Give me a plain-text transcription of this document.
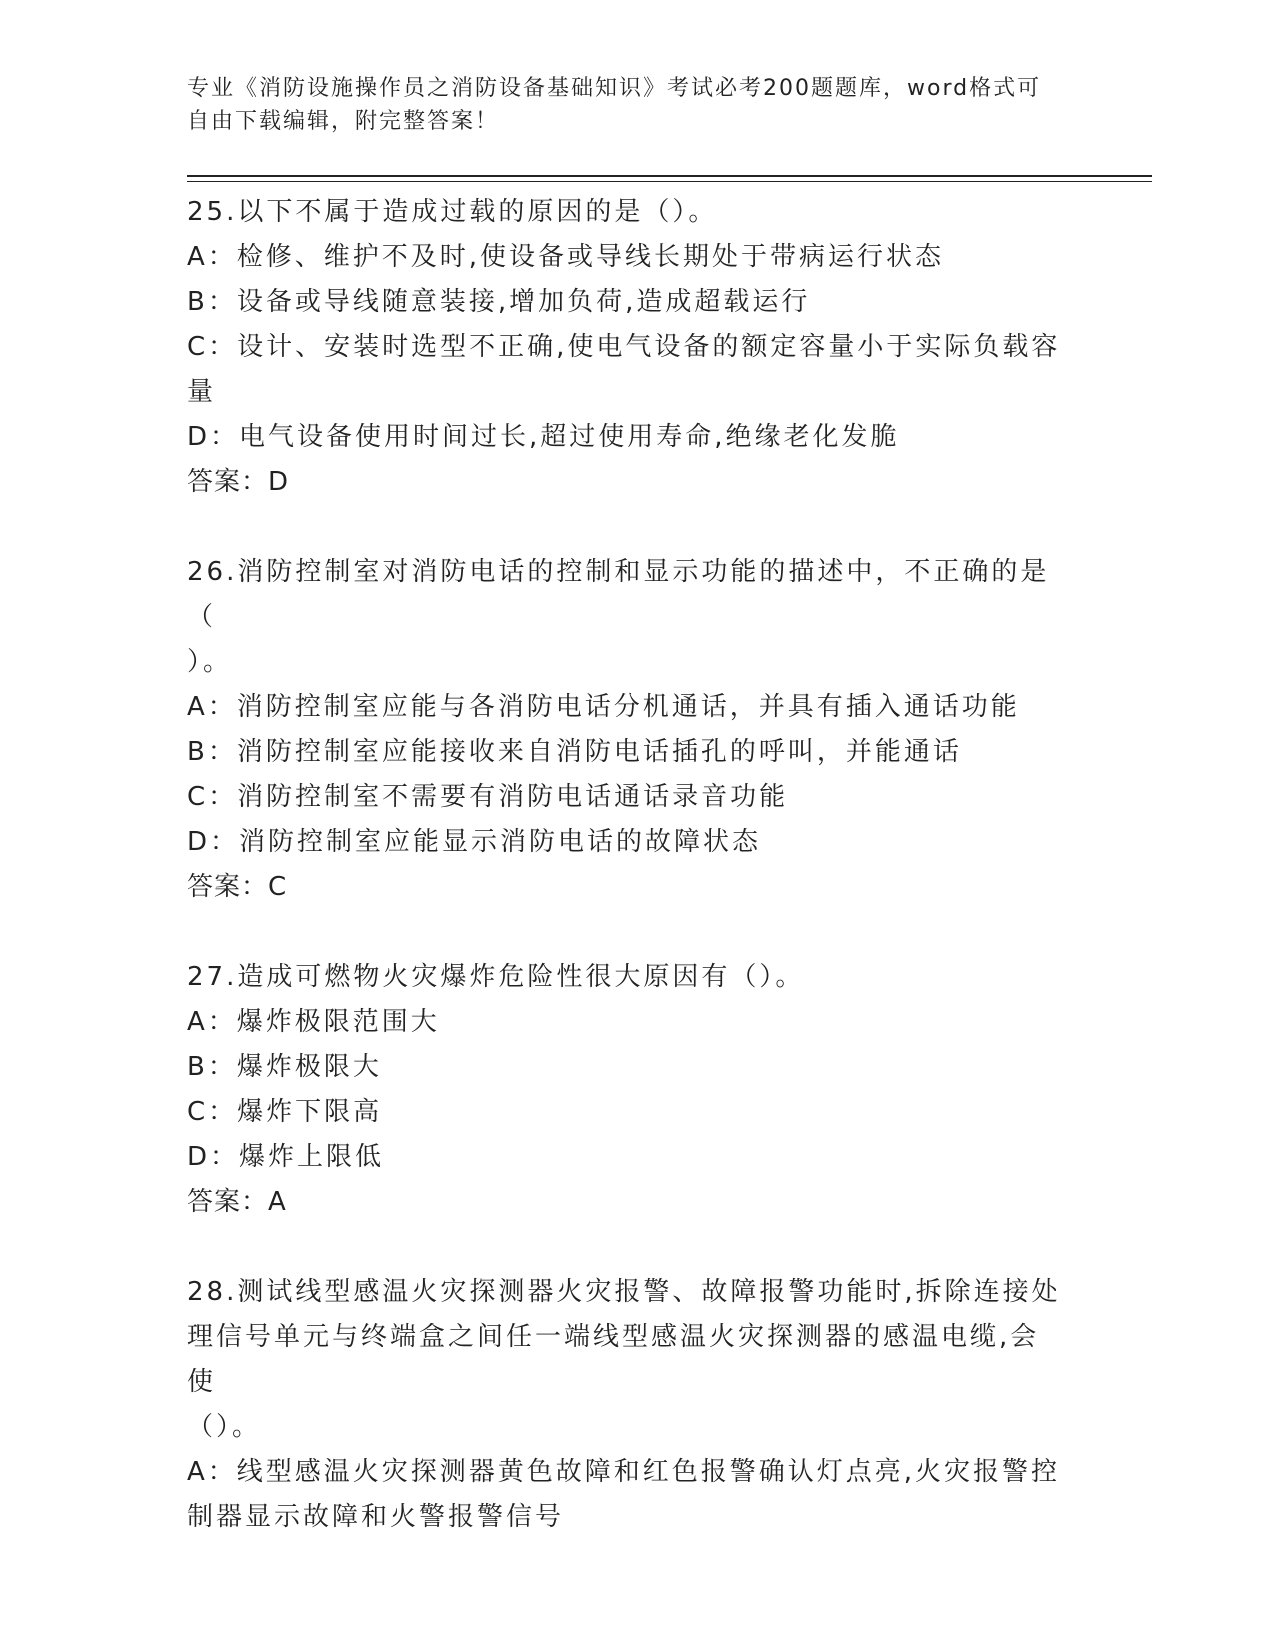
专业《消防设施操作员之消防设备基础知识》考试必考200题题库，word格式可
自由下载编辑，附完整答案！
25.以下不属于造成过载的原因的是（）。
A：检修、维护不及时,使设备或导线长期处于带病运行状态
B：设备或导线随意装接,增加负荷,造成超载运行
C：设计、安装时选型不正确,使电气设备的额定容量小于实际负载容
量
D：电气设备使用时间过长,超过使用寿命,绝缘老化发脆
答案：D
26.消防控制室对消防电话的控制和显示功能的描述中，不正确的是（
）。
A：消防控制室应能与各消防电话分机通话，并具有插入通话功能
B：消防控制室应能接收来自消防电话插孔的呼叫，并能通话
C：消防控制室不需要有消防电话通话录音功能
D：消防控制室应能显示消防电话的故障状态
答案：C
27.造成可燃物火灾爆炸危险性很大原因有（）。
A：爆炸极限范围大
B：爆炸极限大
C：爆炸下限高
D：爆炸上限低
答案：A
28.测试线型感温火灾探测器火灾报警、故障报警功能时,拆除连接处
理信号单元与终端盒之间任一端线型感温火灾探测器的感温电缆,会使
（）。
A：线型感温火灾探测器黄色故障和红色报警确认灯点亮,火灾报警控
制器显示故障和火警报警信号
